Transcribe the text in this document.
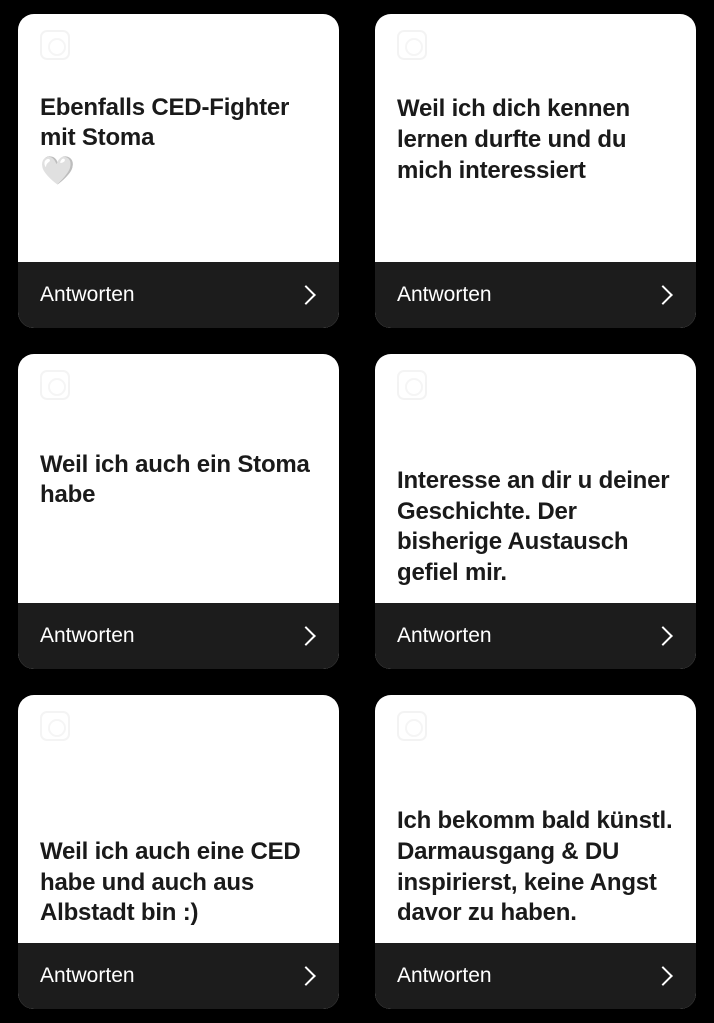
Ebenfalls CED-Fighter mit Stoma
🤍
Antworten
Weil ich dich kennen lernen durfte und du mich interessiert
Antworten
Weil ich auch ein Stoma habe
Antworten
Interesse an dir u deiner Geschichte. Der bisherige Austausch gefiel mir.
Antworten
Weil ich auch eine CED habe und auch aus Albstadt bin :)
Antworten
Ich bekomm bald künstl. Darmausgang & DU inspirierst, keine Angst davor zu haben.
Antworten
